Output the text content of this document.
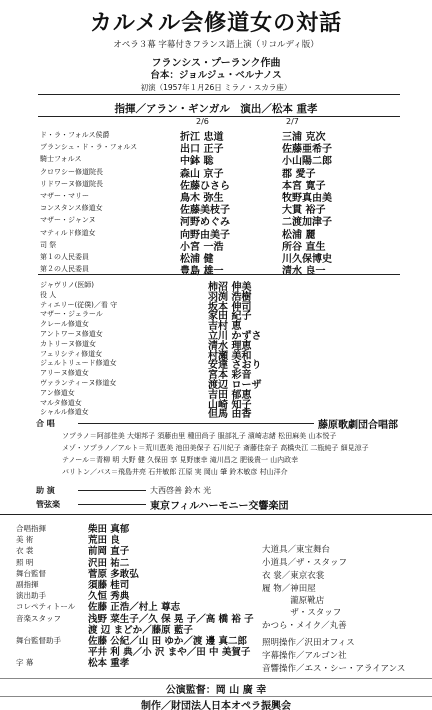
カルメル会修道女の対話
オペラ３幕 字幕付きフランス語上演（リコルディ版）
フランシス・プーランク作曲
台本：ジョルジュ・ベルナノス
初演（1957年１月26日 ミラノ・スカラ座）
指揮／アラン・ギンガル　演出／松本 重孝
2/6	2/7
ド・ラ・フォルス侯爵	折江 忠道	三浦 克次
ブランシュ・ド・ラ・フォルス	出口 正子	佐藤亜希子
騎士フォルス	中鉢 聡	小山陽二郎
クロワシー修道院長	森山 京子	郡 愛子
リドワーヌ修道院長	佐藤ひさら	本宮 寛子
マザー・マリー	鳥木 弥生	牧野真由美
コンスタンス修道女	佐藤美枝子	大貫 裕子
マザー・ジャンヌ	河野めぐみ	二渡加津子
マティルド修道女	向野由美子	松浦 麗
司 祭	小宮 一浩	所谷 直生
第１の人民委員	松浦 健	川久保博史
第２の人民委員	豊島 雄一	清水 良一
ジャヴリノ(医師)	柿沼 伸美
役 人	羽渕 浩樹
ティエリー(従僕)／看 守	坂本 伸司
マザー・ジェラール	家田 紀子
クレール修道女	吉村 恵
アントワーヌ修道女	立川 かずさ
カトリーヌ修道女	清水 理恵
フェリシティ修道女	村瀬 美和
ジェルトリュード修道女	安達 さおり
アリーヌ修道女	宮本 彩音
ヴァランティーヌ修道女	渡辺 ローザ
アン修道女	吉田 郁恵
マルタ修道女	山崎 知子
シャルル修道女	但馬 由香
合 唱	藤原歌劇団合唱部
ソプラノ＝阿部佳美 大畑邦子 須藤由里 種田尚子 服部礼子 濱崎志緒 松田麻美 山本悦子
メゾ・ソプラノ／アルト＝荒川恵美 池田美保子 石川紀子 斎藤佳奈子 高橋央江 二瓶純子 細見涼子
テノール＝青柳 明 大野 健 久保田 享 見野康幸 滝川昌之 肥後貴一 山内政幸
バリトン／バス＝飛島井亮 石井敏郎 江原 実 岡山 肇 鈴木敏彦 村山洋介
助 演	大西啓善 鈴木 光
管弦楽	東京フィルハーモニー交響楽団
合唱指揮	柴田 真郁
美 術	荒田 良
衣 裳	前岡 直子
照 明	沢田 祐二
舞台監督	菅原 多敢弘
副指揮	須藤 桂司
演出助手	久恒 秀典
コレペティトール 佐藤 正浩／村上 尊志
音楽スタッフ	浅野 菜生子／久 保 晃 子／高 橋 裕 子
渡 辺 まどか／藤原 藍子
舞台監督助手	佐藤 公紀／山 田 ゆか／渡 邊 真二郎
平井 利 典／小 沢 まや／田 中 美賀子
字 幕	松本 重孝
大道具／東宝舞台
小道具／ザ・スタッフ
衣 裳／東京衣裳
履 物／神田屋
　　　 瀧原靴店
　　　 ザ・スタッフ
かつら・メイク／丸善
照明操作／沢田オフィス
字幕操作／アルゴン社
音響操作／エス・シー・アライアンス
公演監督：岡 山 廣 幸
制作／財団法人日本オペラ振興会
